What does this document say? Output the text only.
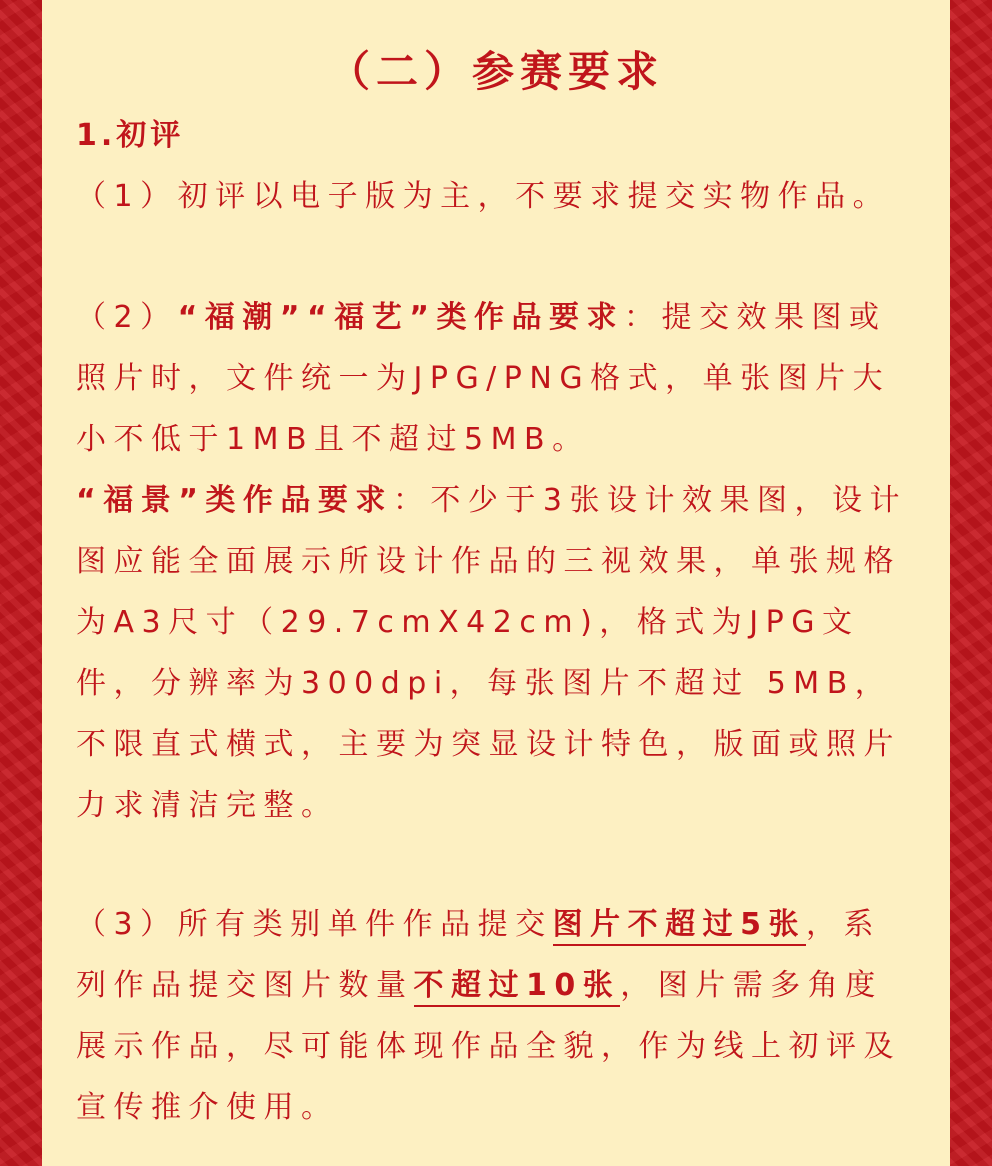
（二）参赛要求
1.初评
（1）初评以电子版为主，不要求提交实物作品。
（2）“福潮”“福艺”类作品要求：提交效果图或照片时，文件统一为JPG/PNG格式，单张图片大小不低于1MB且不超过5MB。
“福景”类作品要求：不少于3张设计效果图，设计图应能全面展示所设计作品的三视效果，单张规格为A3尺寸（29.7cmX42cm)，格式为JPG文件，分辨率为300dpi，每张图片不超过 5MB，不限直式横式，主要为突显设计特色，版面或照片力求清洁完整。
（3）所有类别单件作品提交图片不超过5张，系列作品提交图片数量不超过10张，图片需多角度展示作品，尽可能体现作品全貌，作为线上初评及宣传推介使用。
